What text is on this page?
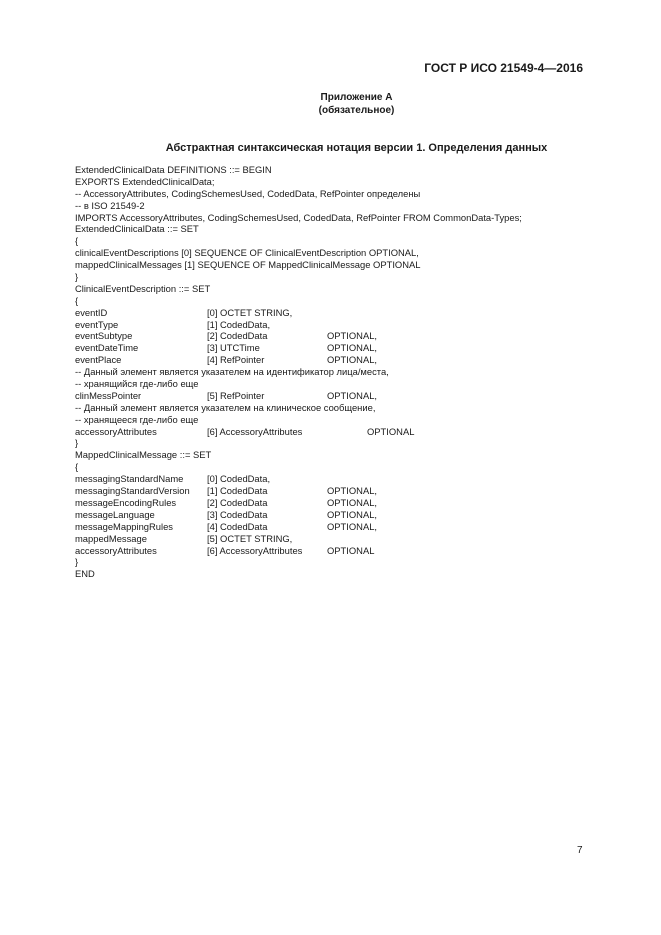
ГОСТ Р ИСО 21549-4—2016
Приложение А
(обязательное)
Абстрактная синтаксическая нотация версии 1. Определения данных
ExtendedClinicalData DEFINITIONS ::= BEGIN
EXPORTS ExtendedClinicalData;
-- AccessoryAttributes, CodingSchemesUsed, CodedData, RefPointer определены
-- в ISO 21549-2
IMPORTS AccessoryAttributes, CodingSchemesUsed, CodedData, RefPointer FROM CommonData-Types;
ExtendedClinicalData ::= SET
{
clinicalEventDescriptions [0] SEQUENCE OF ClinicalEventDescription OPTIONAL,
mappedClinicalMessages [1] SEQUENCE OF MappedClinicalMessage OPTIONAL
}
ClinicalEventDescription ::= SET
{
eventID	[0] OCTET STRING,
eventType	[1] CodedData,
eventSubtype	[2] CodedData	OPTIONAL,
eventDateTime	[3] UTCTime	OPTIONAL,
eventPlace	[4] RefPointer	OPTIONAL,
-- Данный элемент является указателем на идентификатор лица/места,
-- хранящийся где-либо еще
clinMessPointer	[5] RefPointer	OPTIONAL,
-- Данный элемент является указателем на клиническое сообщение,
-- хранящееся где-либо еще
accessoryAttributes	[6] AccessoryAttributes	OPTIONAL
}
MappedClinicalMessage ::= SET
{
messagingStandardName	[0] CodedData,
messagingStandardVersion [1] CodedData	OPTIONAL,
messageEncodingRules	[2] CodedData	OPTIONAL,
messageLanguage	[3] CodedData	OPTIONAL,
messageMappingRules	[4] CodedData	OPTIONAL,
mappedMessage	[5] OCTET STRING,
accessoryAttributes	[6] AccessoryAttributes	OPTIONAL
}
END
7
